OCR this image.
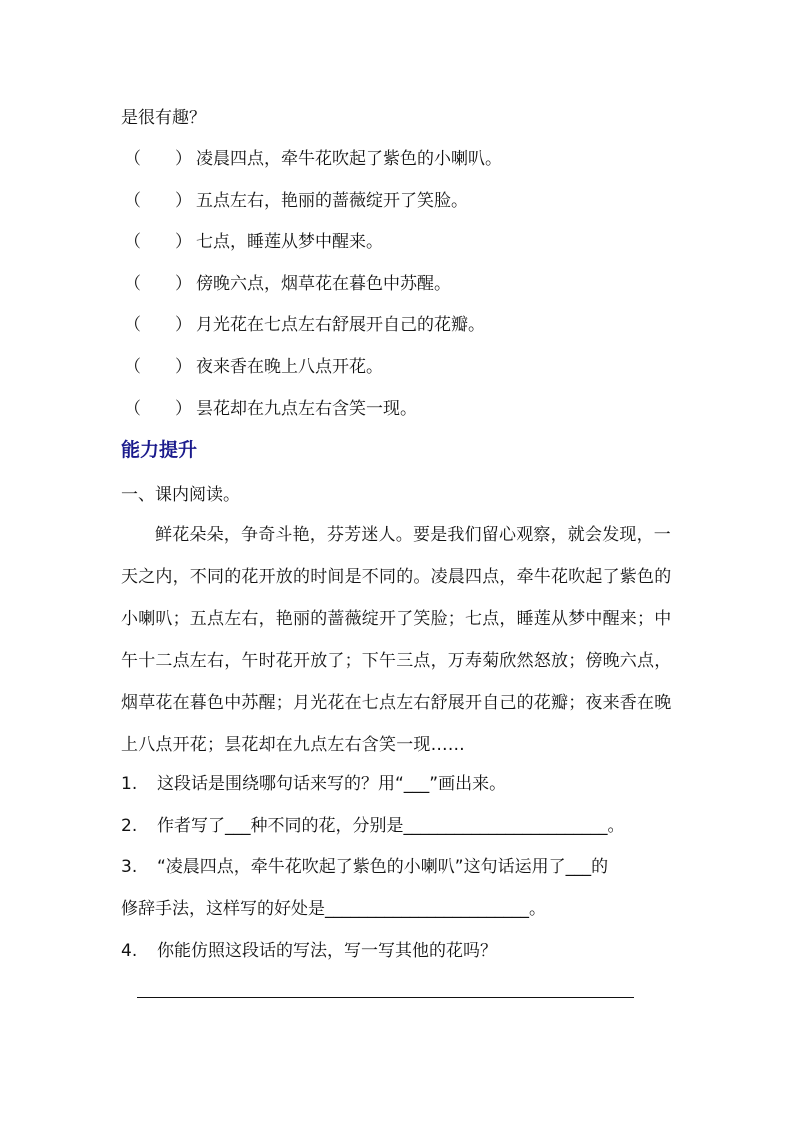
是很有趣？
（　　） 凌晨四点，牵牛花吹起了紫色的小喇叭。
（　　） 五点左右，艳丽的蔷薇绽开了笑脸。
（　　） 七点，睡莲从梦中醒来。
（　　） 傍晚六点，烟草花在暮色中苏醒。
（　　） 月光花在七点左右舒展开自己的花瓣。
（　　） 夜来香在晚上八点开花。
（　　） 昙花却在九点左右含笑一现。
能力提升
一、课内阅读。
鲜花朵朵，争奇斗艳，芬芳迷人。要是我们留心观察，就会发现，一天之内，不同的花开放的时间是不同的。凌晨四点，牵牛花吹起了紫色的小喇叭；五点左右，艳丽的蔷薇绽开了笑脸；七点，睡莲从梦中醒来；中午十二点左右，午时花开放了；下午三点，万寿菊欣然怒放；傍晚六点，烟草花在暮色中苏醒；月光花在七点左右舒展开自己的花瓣；夜来香在晚上八点开花；昙花却在九点左右含笑一现……
1. 这段话是围绕哪句话来写的？用“___”画出来。
2. 作者写了___种不同的花，分别是________________________。
3. “凌晨四点，牵牛花吹起了紫色的小喇叭”这句话运用了___的
修辞手法，这样写的好处是________________________。
4. 你能仿照这段话的写法，写一写其他的花吗？
